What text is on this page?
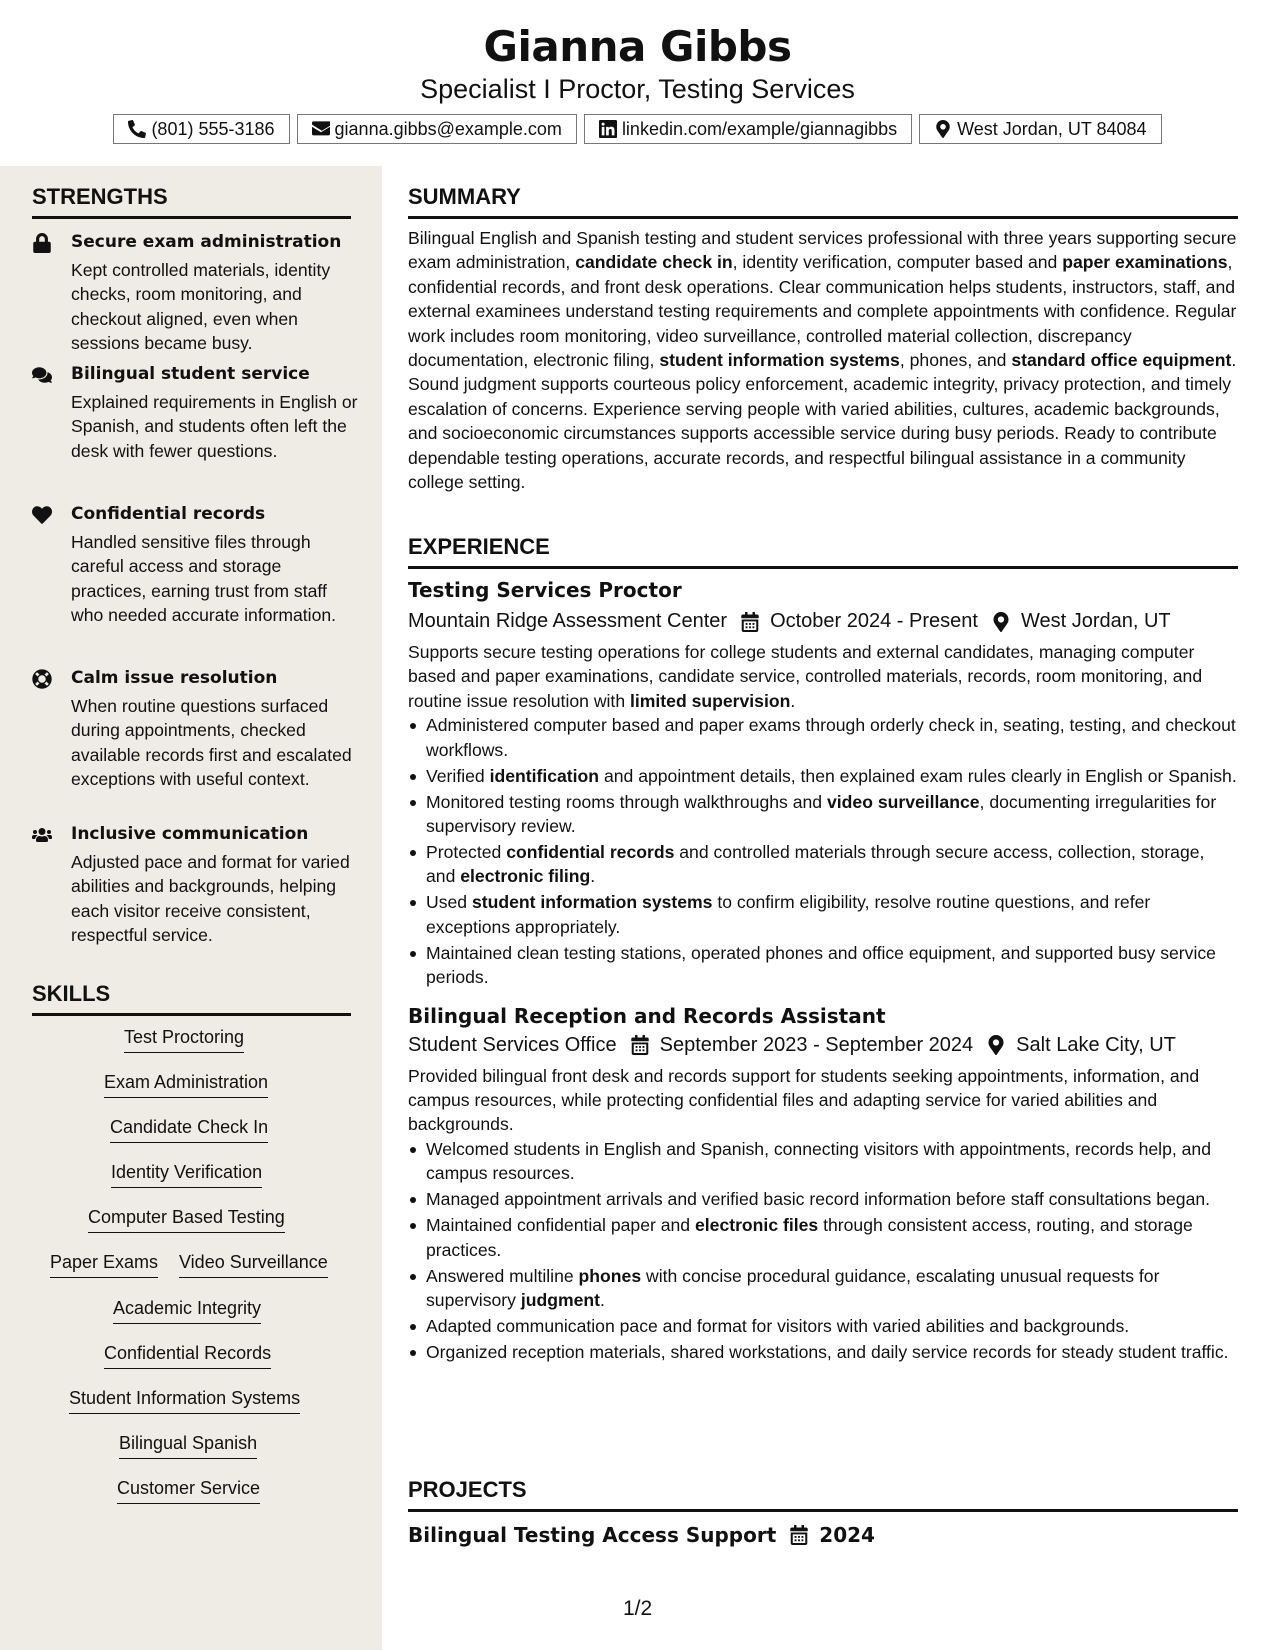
Gianna Gibbs
Specialist I Proctor, Testing Services
(801) 555-3186	gianna.gibbs@example.com	linkedin.com/example/giannagibbs	West Jordan, UT 84084
STRENGTHS
Secure exam administration
Kept controlled materials, identity checks, room monitoring, and checkout aligned, even when sessions became busy.
Bilingual student service
Explained requirements in English or Spanish, and students often left the desk with fewer questions.
Confidential records
Handled sensitive files through careful access and storage practices, earning trust from staff who needed accurate information.
Calm issue resolution
When routine questions surfaced during appointments, checked available records first and escalated exceptions with useful context.
Inclusive communication
Adjusted pace and format for varied abilities and backgrounds, helping each visitor receive consistent, respectful service.
SKILLS
Test Proctoring
Exam Administration
Candidate Check In
Identity Verification
Computer Based Testing
Paper Exams Video Surveillance
Academic Integrity
Confidential Records
Student Information Systems
Bilingual Spanish
Customer Service
SUMMARY

Bilingual English and Spanish testing and student services professional with three years supporting secure exam administration, candidate check in, identity verification, computer based and paper examinations, confidential records, and front desk operations. Clear communication helps students, instructors, staff, and external examinees understand testing requirements and complete appointments with confidence. Regular work includes room monitoring, video surveillance, controlled material collection, discrepancy documentation, electronic filing, student information systems, phones, and standard office equipment. Sound judgment supports courteous policy enforcement, academic integrity, privacy protection, and timely escalation of concerns. Experience serving people with varied abilities, cultures, academic backgrounds, and socioeconomic circumstances supports accessible service during busy periods. Ready to contribute dependable testing operations, accurate records, and respectful bilingual assistance in a community college setting.

EXPERIENCE
Testing Services Proctor
Mountain Ridge Assessment Center October 2024 - Present West Jordan, UT

Supports secure testing operations for college students and external candidates, managing computer based and paper examinations, candidate service, controlled materials, records, room monitoring, and routine issue resolution with limited supervision.

Administered computer based and paper exams through orderly check in, seating, testing, and checkout workflows.
Verified identification and appointment details, then explained exam rules clearly in English or Spanish.
Monitored testing rooms through walkthroughs and video surveillance, documenting irregularities for supervisory review.
Protected confidential records and controlled materials through secure access, collection, storage, and electronic filing.
Used student information systems to confirm eligibility, resolve routine questions, and refer exceptions appropriately.
Maintained clean testing stations, operated phones and office equipment, and supported busy service periods.
Bilingual Reception and Records Assistant
Student Services Office September 2023 - September 2024 Salt Lake City, UT

Provided bilingual front desk and records support for students seeking appointments, information, and campus resources, while protecting confidential files and adapting service for varied abilities and backgrounds.

Welcomed students in English and Spanish, connecting visitors with appointments, records help, and campus resources.
Managed appointment arrivals and verified basic record information before staff consultations began.
Maintained confidential paper and electronic files through consistent access, routing, and storage practices.
Answered multiline phones with concise procedural guidance, escalating unusual requests for supervisory judgment.
Adapted communication pace and format for visitors with varied abilities and backgrounds.
Organized reception materials, shared workstations, and daily service records for steady student traffic.
PROJECTS
Bilingual Testing Access Support 2024
1/2
